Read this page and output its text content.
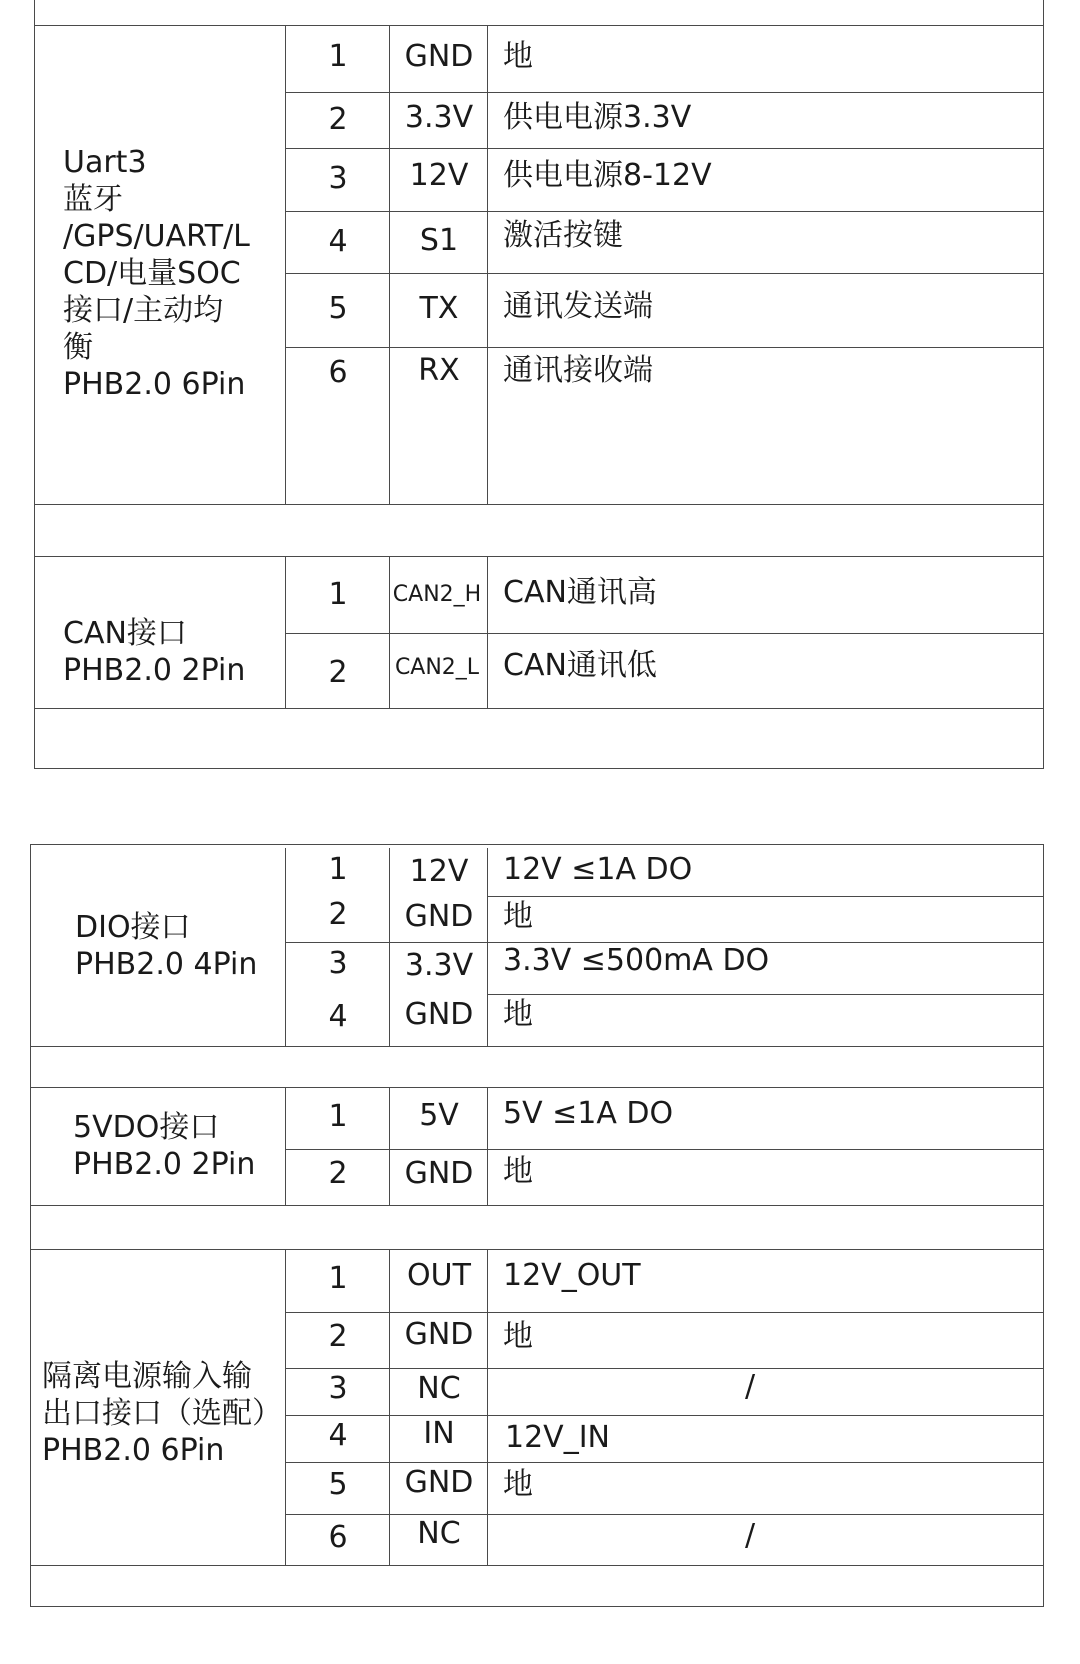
Uart3
蓝牙
/GPS/UART/L
CD/电量SOC
接口/主动均
衡
PHB2.0 6Pin
1	GND 地
2	3.3V 供电电源3.3V
3	12V	供电电源8-12V
4	S1	激活按键
5	TX	通讯发送端
6	RX	通讯接收端
CAN接口
PHB2.0 2Pin
1	CAN2_H CAN通讯高
2	CAN2_L CAN通讯低
DIO接口
PHB2.0 4Pin
1	12V	12V ≤1A DO
2	GND 地
3	3.3V 3.3V ≤500mA DO
4	GND 地
5VDO接口
PHB2.0 2Pin
1	5V	5V ≤1A DO
2	GND 地
隔离电源输入输
出口接口（选配）
PHB2.0 6Pin
1	OUT	12V_OUT
2	GND 地
3	NC	/
4	IN	12V_IN
5	GND 地
6	NC	/
